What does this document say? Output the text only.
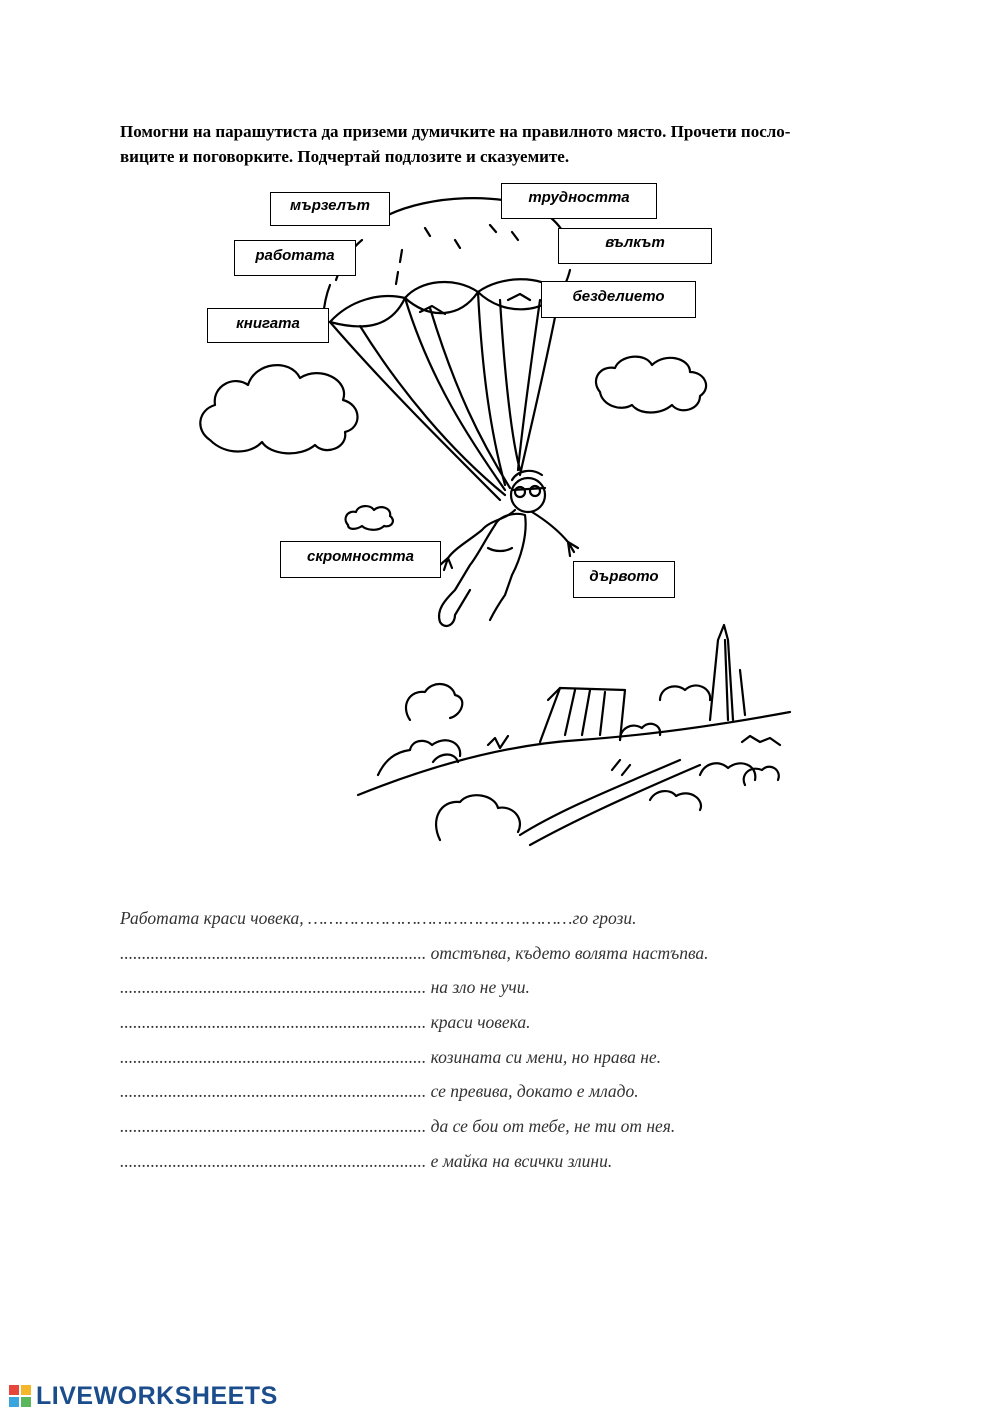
Помогни на парашутиста да приземи думичките на правилното място. Прочети посло-
виците и поговорките. Подчертай подлозите и сказуемите.

мързелът	трудността
вълкът
работата
безделието
книгата
скромността
дървото
Работата краси човека, ……………………………………………го грози.
...................................................................... отстъпва, където волята настъпва.
...................................................................... на зло не учи.
...................................................................... краси човека.
...................................................................... козината си мени, но нрава не.
...................................................................... се превива, докато е младо.
...................................................................... да се бои от тебе, не ти от нея.
...................................................................... е майка на всички злини.
LIVEWORKSHEETS
